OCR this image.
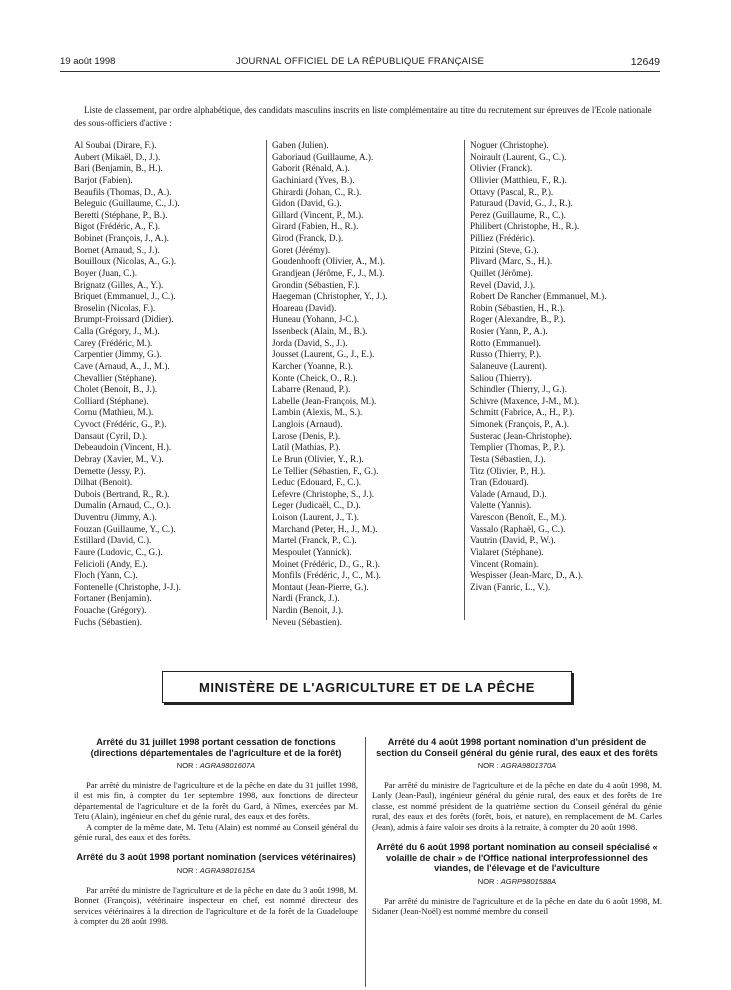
19 août 1998	JOURNAL OFFICIEL DE LA RÉPUBLIQUE FRANÇAISE	12649
Liste de classement, par ordre alphabétique, des candidats masculins inscrits en liste complémentaire au titre du recrutement sur épreuves de l'Ecole nationale des sous-officiers d'active :
Al Soubai (Dirare, F.).
Aubert (Mikaël, D., J.).
Bari (Benjamin, B., H.).
Barjot (Fabien).
Beaufils (Thomas, D., A.).
Beleguic (Guillaume, C., J.).
Beretti (Stéphane, P., B.).
Bigot (Frédéric, A., F.).
Bobinet (François, J., A.).
Bornet (Arnaud, S., J.).
Bouilloux (Nicolas, A., G.).
Boyer (Juan, C.).
Brignatz (Gilles, A., Y.).
Briquet (Emmanuel, J., C.).
Broselin (Nicolas, F.).
Brumpt-Froissard (Didier).
Calla (Grégory, J., M.).
Carey (Frédéric, M.).
Carpentier (Jimmy, G.).
Cave (Arnaud, A., J., M.).
Chevallier (Stéphane).
Cholet (Benoit, B., J.).
Colliard (Stéphane).
Cornu (Mathieu, M.).
Cyvoct (Frédéric, G., P.).
Dansaut (Cyril, D.).
Debeaudoin (Vincent, H.).
Debray (Xavier, M., V.).
Demette (Jessy, P.).
Dilhat (Benoit).
Dubois (Bertrand, R., R.).
Dumalin (Arnaud, C., O.).
Duventru (Jimmy, A.).
Fouzan (Guillaume, Y., C.).
Estillard (David, C.).
Faure (Ludovic, C., G.).
Felicioli (Andy, E.).
Floch (Yann, C.).
Fontenelle (Christophe, J-J.).
Fortaner (Benjamin).
Fouache (Grégory).
Fuchs (Sébastien).
Gaben (Julien).
Gaboriaud (Guillaume, A.).
Gaborit (Rénald, A.).
Gachiniard (Yves, B.).
Ghirardi (Johan, C., R.).
Gidon (David, G.).
Gillard (Vincent, P., M.).
Girard (Fabien, H., R.).
Girod (Franck, D.).
Goret (Jérémy).
Goudenhooft (Olivier, A., M.).
Grandjean (Jérôme, F., J., M.).
Grondin (Sébastien, F.).
Haegeman (Christopher, Y., J.).
Hoareau (David).
Huneau (Yohann, J-C.).
Issenbeck (Alain, M., B.).
Jorda (David, S., J.).
Jousset (Laurent, G., J., E.).
Karcher (Yoanne, R.).
Konte (Cheick, O., R.).
Labarre (Renaud, P.).
Labelle (Jean-François, M.).
Lambin (Alexis, M., S.).
Langlois (Arnaud).
Larose (Denis, P.).
Latil (Mathias, P.).
Le Brun (Olivier, Y., R.).
Le Tellier (Sébastien, F., G.).
Leduc (Edouard, F., C.).
Lefevre (Christophe, S., J.).
Leger (Judicaël, C., D.).
Loison (Laurent, J., T.).
Marchand (Peter, H., J., M.).
Martel (Franck, P., C.).
Mespoulet (Yannick).
Moinet (Frédéric, D., G., R.).
Monfils (Frédéric, J., C., M.).
Montaut (Jean-Pierre, G.).
Nardi (Franck, J.).
Nardin (Benoit, J.).
Neveu (Sébastien).
Noguer (Christophe).
Noirault (Laurent, G., C.).
Olivier (Franck).
Ollivier (Matthieu, F., R.).
Ottavy (Pascal, R., P.).
Paturaud (David, G., J., R.).
Perez (Guillaume, R., C.).
Philibert (Christophe, H., R.).
Pilliez (Frédéric).
Pitzini (Steve, G.).
Plivard (Marc, S., H.).
Quillet (Jérôme).
Revel (David, J.).
Robert De Rancher (Emmanuel, M.).
Robin (Sébastien, H., R.).
Roger (Alexandre, B., P.).
Rosier (Yann, P., A.).
Rotto (Emmanuel).
Russo (Thierry, P.).
Salaneuve (Laurent).
Saliou (Thierry).
Schindler (Thierry, J., G.).
Schivre (Maxence, J-M., M.).
Schmitt (Fabrice, A., H., P.).
Simonek (François, P., A.).
Susterac (Jean-Christophe).
Templier (Thomas, P., P.).
Testa (Sébastien, J.).
Titz (Olivier, P., H.).
Tran (Edouard).
Valade (Arnaud, D.).
Valette (Yannis).
Varescon (Benoît, E., M.).
Vassalo (Raphaël, G., C.).
Vautrin (David, P., W.).
Vialaret (Stéphane).
Vincent (Romain).
Wespisser (Jean-Marc, D., A.).
Zivan (Fanric, L., V.).
MINISTÈRE DE L'AGRICULTURE ET DE LA PÊCHE
Arrêté du 31 juillet 1998 portant cessation de fonctions (directions départementales de l'agriculture et de la forêt)
NOR : AGRA9801607A

Par arrêté du ministre de l'agriculture et de la pêche en date du 31 juillet 1998, il est mis fin, à compter du 1er septembre 1998, aux fonctions de directeur départemental de l'agriculture et de la forêt du Gard, à Nîmes, exercées par M. Tetu (Alain), ingénieur en chef du génie rural, des eaux et des forêts.

A compter de la même date, M. Tetu (Alain) est nommé au Conseil général du génie rural, des eaux et des forêts.

Arrêté du 3 août 1998 portant nomination (services vétérinaires)
NOR : AGRA9801615A

Par arrêté du ministre de l'agriculture et de la pêche en date du 3 août 1998, M. Bonnet (François), vétérinaire inspecteur en chef, est nommé directeur des services vétérinaires à la direction de l'agriculture et de la forêt de la Guadeloupe à compter du 28 août 1998.

Arrêté du 4 août 1998 portant nomination d'un président de section du Conseil général du génie rural, des eaux et des forêts
NOR : AGRA9801370A

Par arrêté du ministre de l'agriculture et de la pêche en date du 4 août 1998, M. Lanly (Jean-Paul), ingénieur général du génie rural, des eaux et des forêts de 1re classe, est nommé président de la quatrième section du Conseil général du génie rural, des eaux et des forêts (forêt, bois, et nature), en remplacement de M. Carles (Jean), admis à faire valoir ses droits à la retraite, à compter du 20 août 1998.

Arrêté du 6 août 1998 portant nomination au conseil spécialisé « volaille de chair » de l'Office national interprofessionnel des viandes, de l'élevage et de l'aviculture
NOR : AGRP9801588A

Par arrêté du ministre de l'agriculture et de la pêche en date du 6 août 1998, M. Sidaner (Jean-Noël) est nommé membre du conseil
